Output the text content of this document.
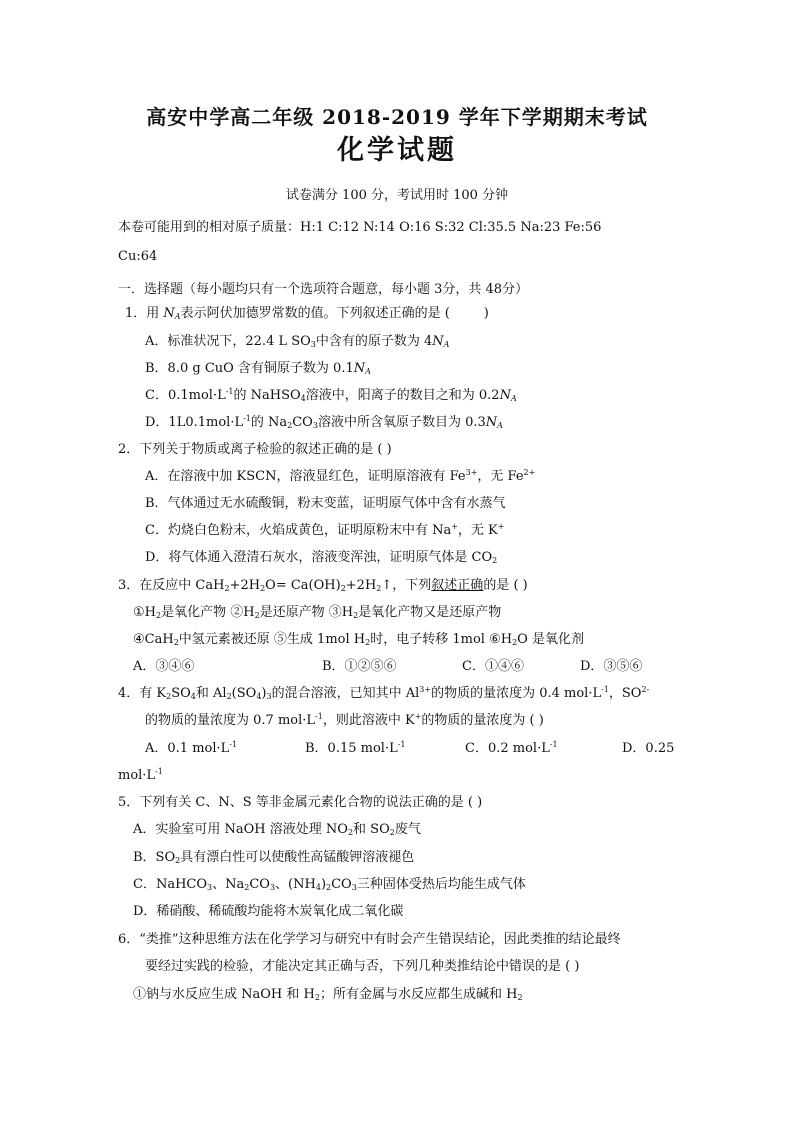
高安中学高二年级 2018-2019 学年下学期期末考试
化学试题
试卷满分 100 分，考试用时 100 分钟
本卷可能用到的相对原子质量：H:1 C:12 N:14 O:16 S:32 Cl:35.5 Na:23 Fe:56
Cu:64
一．选择题（每小题均只有一个选项符合题意，每小题 3分，共 48分）
1．用 $N_A$表示阿伏加德罗常数的值。下列叙述正确的是 (	)
A．标准状况下，22.4 L $SO_3$中含有的原子数为 $4N_A$
B．8.0 g CuO 含有铜原子数为 $0.1N_A$
C．$0.1mol\cdot L^{-1}$的 NaHSO$_4$溶液中，阳离子的数目之和为 $0.2N_A$
D．$1L0.1mol\cdot L^{-1}$的 $Na_2CO_3$溶液中所含氧原子数目为 $0.3N_A$
2．下列关于物质或离子检验的叙述正确的是 ( )
A．在溶液中加 KSCN，溶液显红色，证明原溶液有 $Fe^{3+}$，无 $Fe^{2+}$
B．气体通过无水硫酸铜，粉末变蓝，证明原气体中含有水蒸气
C．灼烧白色粉末，火焰成黄色，证明原粉末中有 Na+，无 K+
D．将气体通入澄清石灰水，溶液变浑浊，证明原气体是 $CO_2$
3．在反应中 $CaH_2+2H_2O=$ $Ca(OH)_2+2H_2↑$，下列叙述正确的是 ( )
$①H_2$是氧化产物 $②H_2$是还原产物 $③H_2$是氧化产物又是还原产物
④CaH$_2$中氢元素被还原 ⑤生成 1mol $H_2$时，电子转移 1mol $⑥H_2O$ 是氧化剂
A．③④⑥	B．①②⑤⑥	C．①④⑥	D．③⑤⑥
4．有 $K_2SO_4$和 $Al_2(SO_4)_3$的混合溶液，已知其中 $Al^{3+}$的物质的量浓度为 0.4 $mol\cdot L^{-1}$，$SO^{2-}$
的物质的量浓度为 0.7 $mol\cdot L^{-1}$，则此溶液中 K+的物质的量浓度为 ( )
A．0.1 $mol\cdot L^{-1}$	B．0.15 $mol\cdot L^{-1}$	C．0.2 $mol\cdot L^{-1}$	D．0.25
$mol\cdot L^{-1}$
5．下列有关 C、N、S 等非金属元素化合物的说法正确的是 ( )
A．实验室可用 NaOH 溶液处理 $NO_2$和 $SO_2$废气
B．$SO_2$具有漂白性可以使酸性高锰酸钾溶液褪色
C．NaHCO$_3$、$Na_2CO_3$、$(NH_4)_2CO_3$三种固体受热后均能生成气体
D．稀硝酸、稀硫酸均能将木炭氧化成二氧化碳
6．“类推”这种思维方法在化学学习与研究中有时会产生错误结论，因此类推的结论最终
要经过实践的检验，才能决定其正确与否，下列几种类推结论中错误的是 ( )
①钠与水反应生成 NaOH 和 $H_2$；所有金属与水反应都生成碱和 $H_2$
